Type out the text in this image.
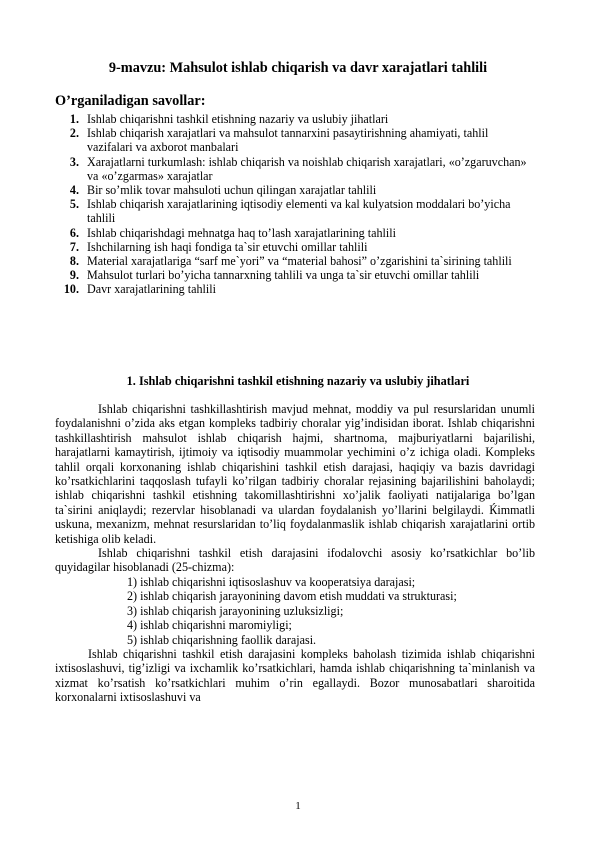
9-mavzu: Mahsulot ishlab chiqarish va davr xarajatlari tahlili
O’rganiladigan savollar:
1. Ishlab chiqarishni tashkil etishning nazariy va uslubiy jihatlari
2. Ishlab chiqarish xarajatlari va mahsulot tannarxini pasaytirishning ahamiyati, tahlil vazifalari va axborot manbalari
3. Xarajatlarni turkumlash: ishlab chiqarish va noishlab chiqarish xarajatlari, «o’zgaruvchan» va «o’zgarmas» xarajatlar
4. Bir so’mlik tovar mahsuloti uchun qilingan xarajatlar tahlili
5. Ishlab chiqarish xarajatlarining iqtisodiy elementi va kal kulyatsion moddalari bo’yicha tahlili
6. Ishlab chiqarishdagi mehnatga haq to’lash xarajatlarining tahlili
7. Ishchilarning ish haqi fondiga ta`sir etuvchi omillar tahlili
8. Material xarajatlariga “sarf me`yori” va “material bahosi” o’zgarishini ta`sirining tahlili
9. Mahsulot turlari bo’yicha tannarxning tahlili va unga ta`sir etuvchi omillar tahlili
10. Davr xarajatlarining tahlili
1. Ishlab chiqarishni tashkil etishning nazariy va uslubiy jihatlari

Ishlab chiqarishni tashkillashtirish mavjud mehnat, moddiy va pul resurslaridan unumli foydalanishni o’zida aks etgan kompleks tadbiriy choralar yig’indisidan iborat. Ishlab chiqarishni tashkillashtirish mahsulot ishlab chiqarish hajmi, shartnoma, majburiyatlarni bajarilishi, harajatlarni kamaytirish, ijtimoiy va iqtisodiy muammolar yechimini o’z ichiga oladi. Kompleks tahlil orqali korxonaning ishlab chiqarishini tashkil etish darajasi, haqiqiy va bazis davridagi ko’rsatkichlarini taqqoslash tufayli ko’rilgan tadbiriy choralar rejasining bajarilishini baholaydi; ishlab chiqarishni tashkil etishning takomillashtirishni xo’jalik faoliyati natijalariga bo’lgan ta`sirini aniqlaydi; rezervlar hisoblanadi va ulardan foydalanish yo’llarini belgilaydi. Ќimmatli uskuna, mexanizm, mehnat resurslaridan to’liq foydalanmaslik ishlab chiqarish xarajatlarini ortib ketishiga olib keladi.

Ishlab chiqarishni tashkil etish darajasini ifodalovchi asosiy ko’rsatkichlar bo’lib quyidagilar hisoblanadi (25-chizma):

1) ishlab chiqarishni iqtisoslashuv va kooperatsiya darajasi;
2) ishlab chiqarish jarayonining davom etish muddati va strukturasi;
3) ishlab chiqarish jarayonining uzluksizligi;
4) ishlab chiqarishni maromiyligi;
5) ishlab chiqarishning faollik darajasi.

Ishlab chiqarishni tashkil etish darajasini kompleks baholash tizimida ishlab chiqarishni ixtisoslashuvi, tig’izligi va ixchamlik ko’rsatkichlari, hamda ishlab chiqarishning ta`minlanish va xizmat ko’rsatish ko’rsatkichlari muhim o’rin egallaydi. Bozor munosabatlari sharoitida korxonalarni ixtisoslashuvi va

1
